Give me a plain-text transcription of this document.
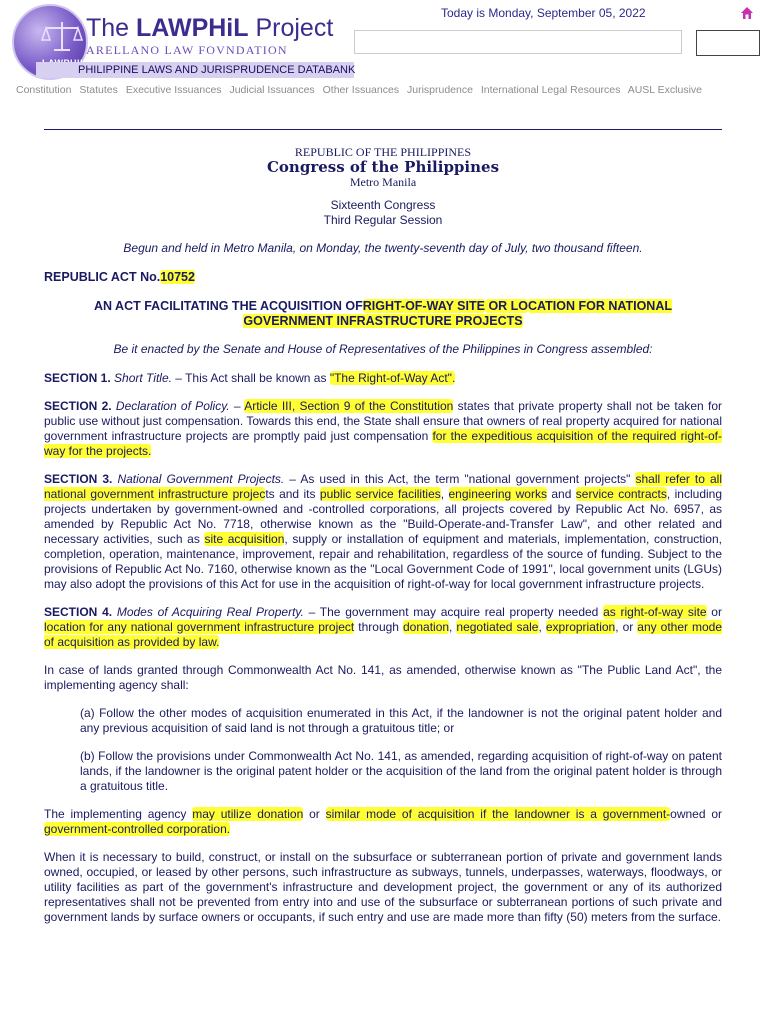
The LAWPHiL Project
ARELLANO LAW FOVNDATION
PHILIPPINE LAWS AND JURISPRUDENCE DATABANK
Today is Monday, September 05, 2022
Constitution Statutes Executive Issuances Judicial Issuances Other Issuances Jurisprudence International Legal Resources AUSL Exclusive
REPUBLIC OF THE PHILIPPINES
Congress of the Philippines
Metro Manila
Sixteenth Congress
Third Regular Session
Begun and held in Metro Manila, on Monday, the twenty-seventh day of July, two thousand fifteen.

REPUBLIC ACT No.10752

AN ACT FACILITATING THE ACQUISITION OFRIGHT-OF-WAY SITE OR LOCATION FOR NATIONAL GOVERNMENT INFRASTRUCTURE PROJECTS

Be it enacted by the Senate and House of Representatives of the Philippines in Congress assembled:

SECTION 1. Short Title. – This Act shall be known as "The Right-of-Way Act".

SECTION 2. Declaration of Policy. – Article III, Section 9 of the Constitution states that private property shall not be taken for public use without just compensation. Towards this end, the State shall ensure that owners of real property acquired for national government infrastructure projects are promptly paid just compensation for the expeditious acquisition of the required right-of-way for the projects.

SECTION 3. National Government Projects. – As used in this Act, the term "national government projects" shall refer to all national government infrastructure projects and its public service facilities, engineering works and service contracts, including projects undertaken by government-owned and -controlled corporations, all projects covered by Republic Act No. 6957, as amended by Republic Act No. 7718, otherwise known as the "Build-Operate-and-Transfer Law", and other related and necessary activities, such as site acquisition, supply or installation of equipment and materials, implementation, construction, completion, operation, maintenance, improvement, repair and rehabilitation, regardless of the source of funding. Subject to the provisions of Republic Act No. 7160, otherwise known as the "Local Government Code of 1991", local government units (LGUs) may also adopt the provisions of this Act for use in the acquisition of right-of-way for local government infrastructure projects.

SECTION 4. Modes of Acquiring Real Property. – The government may acquire real property needed as right-of-way site or location for any national government infrastructure project through donation, negotiated sale, expropriation, or any other mode of acquisition as provided by law.

In case of lands granted through Commonwealth Act No. 141, as amended, otherwise known as "The Public Land Act", the implementing agency shall:

(a) Follow the other modes of acquisition enumerated in this Act, if the landowner is not the original patent holder and any previous acquisition of said land is not through a gratuitous title; or

(b) Follow the provisions under Commonwealth Act No. 141, as amended, regarding acquisition of right-of-way on patent lands, if the landowner is the original patent holder or the acquisition of the land from the original patent holder is through a gratuitous title.

The implementing agency may utilize donation or similar mode of acquisition if the landowner is a government-owned or government-controlled corporation.

When it is necessary to build, construct, or install on the subsurface or subterranean portion of private and government lands owned, occupied, or leased by other persons, such infrastructure as subways, tunnels, underpasses, waterways, floodways, or utility facilities as part of the government's infrastructure and development project, the government or any of its authorized representatives shall not be prevented from entry into and use of the subsurface or subterranean portions of such private and government lands by surface owners or occupants, if such entry and use are made more than fifty (50) meters from the surface.
